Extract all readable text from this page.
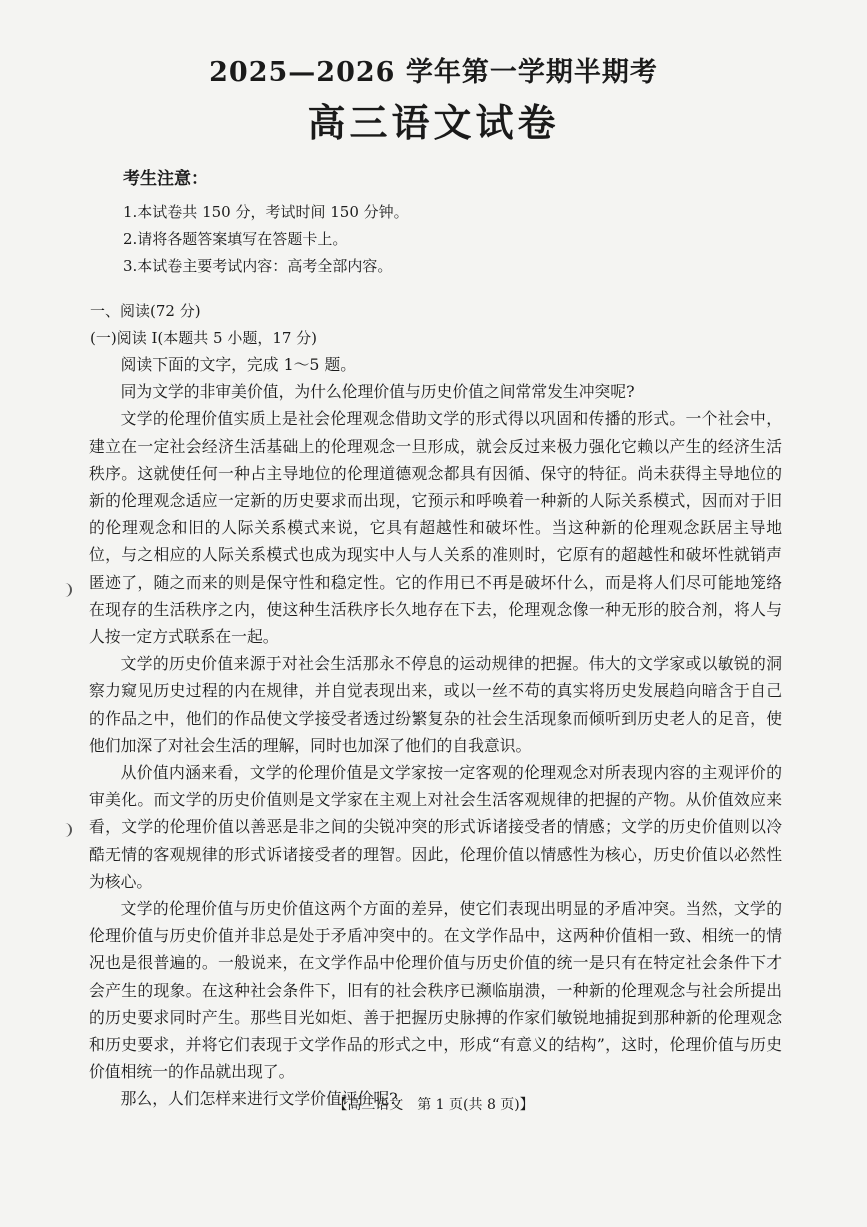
2025—2026 学年第一学期半期考
高三语文试卷
考生注意：
1.本试卷共 150 分，考试时间 150 分钟。
2.请将各题答案填写在答题卡上。
3.本试卷主要考试内容：高考全部内容。
一、阅读(72 分)
(一)阅读 I(本题共 5 小题，17 分)

阅读下面的文字，完成 1～5 题。

同为文学的非审美价值，为什么伦理价值与历史价值之间常常发生冲突呢?

文学的伦理价值实质上是社会伦理观念借助文学的形式得以巩固和传播的形式。一个社会中，建立在一定社会经济生活基础上的伦理观念一旦形成，就会反过来极力强化它赖以产生的经济生活秩序。这就使任何一种占主导地位的伦理道德观念都具有因循、保守的特征。尚未获得主导地位的新的伦理观念适应一定新的历史要求而出现，它预示和呼唤着一种新的人际关系模式，因而对于旧的伦理观念和旧的人际关系模式来说，它具有超越性和破坏性。当这种新的伦理观念跃居主导地位，与之相应的人际关系模式也成为现实中人与人关系的准则时，它原有的超越性和破坏性就销声匿迹了，随之而来的则是保守性和稳定性。它的作用已不再是破坏什么，而是将人们尽可能地笼络在现存的生活秩序之内，使这种生活秩序长久地存在下去，伦理观念像一种无形的胶合剂，将人与人按一定方式联系在一起。

文学的历史价值来源于对社会生活那永不停息的运动规律的把握。伟大的文学家或以敏锐的洞察力窥见历史过程的内在规律，并自觉表现出来，或以一丝不苟的真实将历史发展趋向暗含于自己的作品之中，他们的作品使文学接受者透过纷繁复杂的社会生活现象而倾听到历史老人的足音，使他们加深了对社会生活的理解，同时也加深了他们的自我意识。

从价值内涵来看，文学的伦理价值是文学家按一定客观的伦理观念对所表现内容的主观评价的审美化。而文学的历史价值则是文学家在主观上对社会生活客观规律的把握的产物。从价值效应来看，文学的伦理价值以善恶是非之间的尖锐冲突的形式诉诸接受者的情感；文学的历史价值则以冷酷无情的客观规律的形式诉诸接受者的理智。因此，伦理价值以情感性为核心，历史价值以必然性为核心。

文学的伦理价值与历史价值这两个方面的差异，使它们表现出明显的矛盾冲突。当然，文学的伦理价值与历史价值并非总是处于矛盾冲突中的。在文学作品中，这两种价值相一致、相统一的情况也是很普遍的。一般说来，在文学作品中伦理价值与历史价值的统一是只有在特定社会条件下才会产生的现象。在这种社会条件下，旧有的社会秩序已濒临崩溃，一种新的伦理观念与社会所提出的历史要求同时产生。那些目光如炬、善于把握历史脉搏的作家们敏锐地捕捉到那种新的伦理观念和历史要求，并将它们表现于文学作品的形式之中，形成“有意义的结构”，这时，伦理价值与历史价值相统一的作品就出现了。

那么，人们怎样来进行文学价值评价呢?

【高三语文　第 1 页(共 8 页)】
